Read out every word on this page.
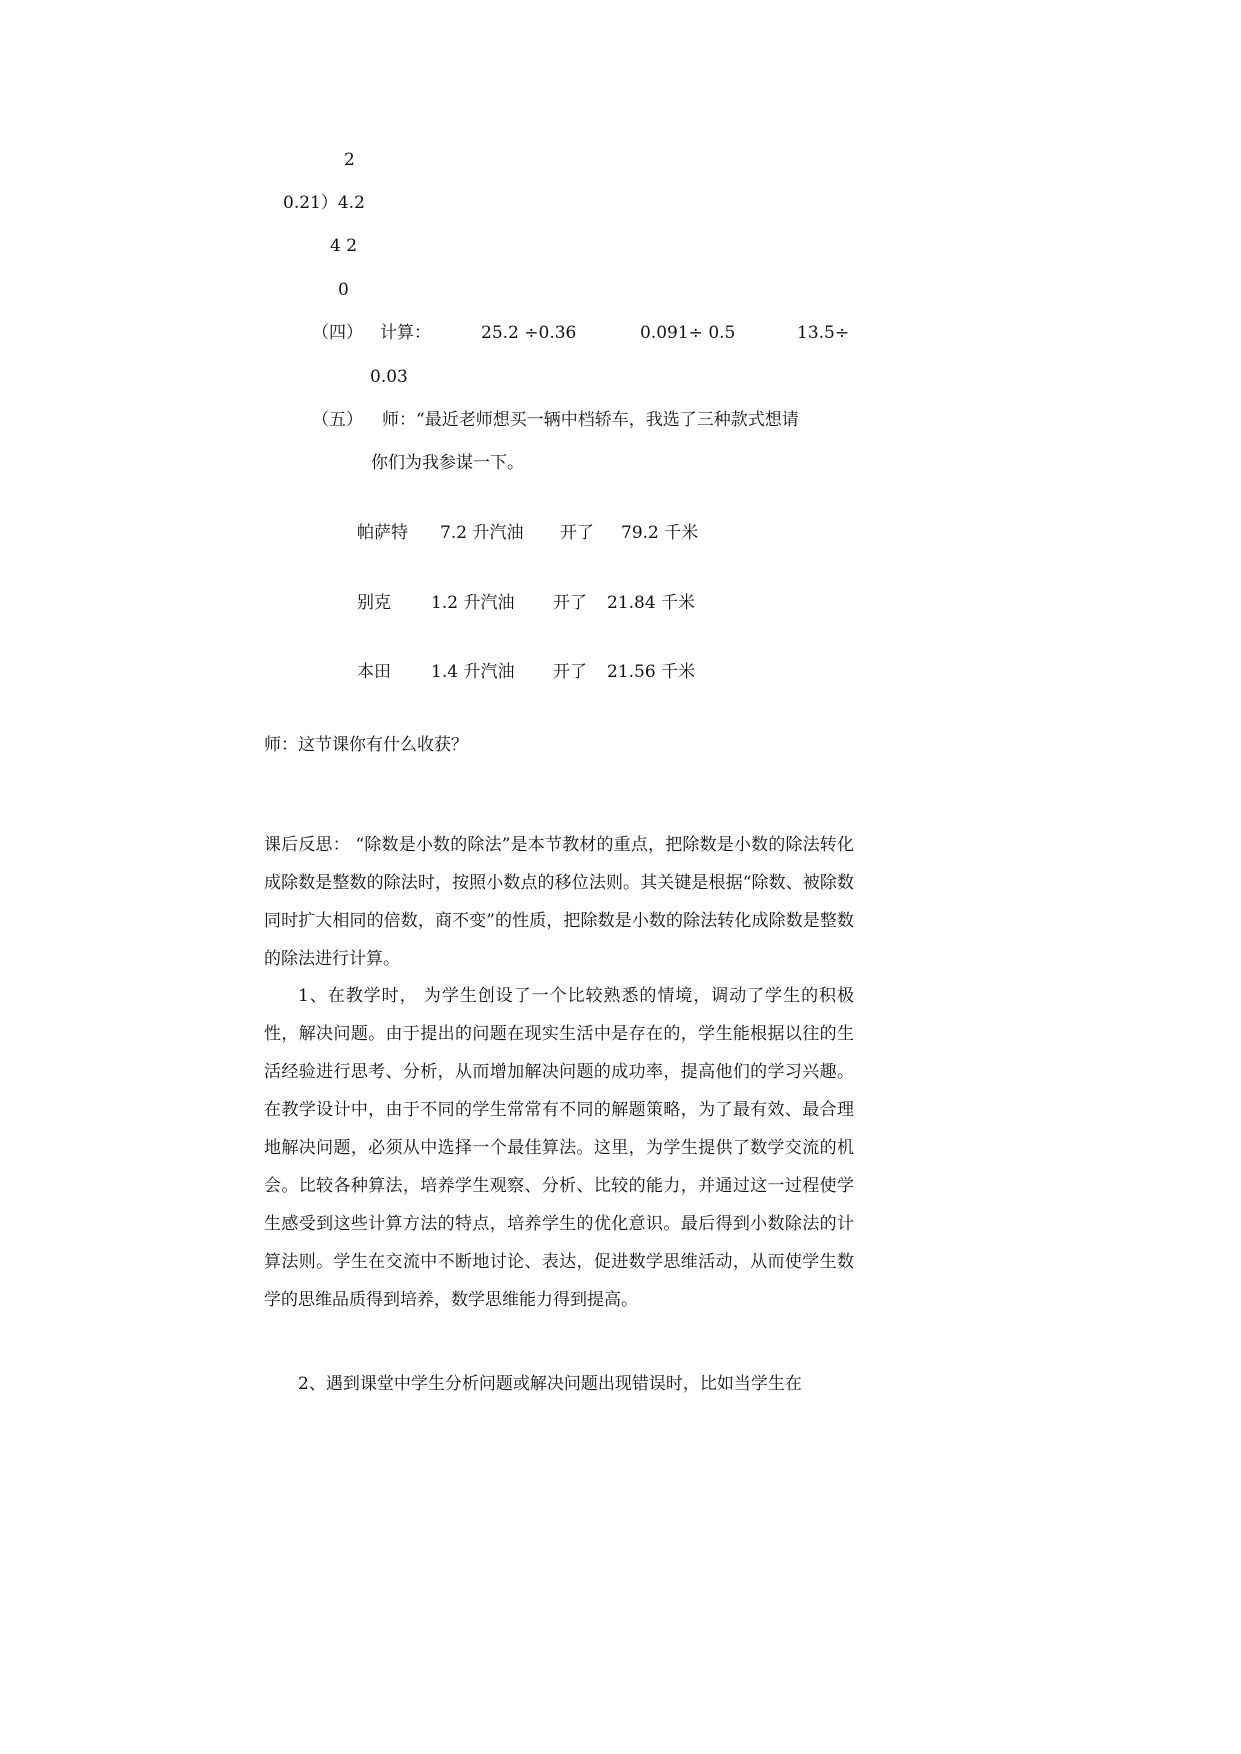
2
0.21）4.2
4 2
0
（四） 计算：	25.2 ÷0.36	0.091÷ 0.5	13.5÷
0.03
（五） 师：“最近老师想买一辆中档轿车，我选了三种款式想请
你们为我参谋一下。
帕萨特 7.2 升汽油 开了 79.2 千米
别克 1.2 升汽油 开了 21.84 千米
本田 1.4 升汽油 开了 21.56 千米
师：这节课你有什么收获？

课后反思： “除数是小数的除法”是本节教材的重点，把除数是小数的除法转化成除数是整数的除法时，按照小数点的移位法则。其关键是根据“除数、被除数同时扩大相同的倍数，商不变”的性质，把除数是小数的除法转化成除数是整数的除法进行计算。

1、在教学时， 为学生创设了一个比较熟悉的情境，调动了学生的积极性，解决问题。由于提出的问题在现实生活中是存在的，学生能根据以往的生活经验进行思考、分析，从而增加解决问题的成功率，提高他们的学习兴趣。在教学设计中，由于不同的学生常常有不同的解题策略，为了最有效、最合理地解决问题，必须从中选择一个最佳算法。这里，为学生提供了数学交流的机会。比较各种算法，培养学生观察、分析、比较的能力，并通过这一过程使学生感受到这些计算方法的特点，培养学生的优化意识。最后得到小数除法的计算法则。学生在交流中不断地讨论、表达，促进数学思维活动，从而使学生数学的思维品质得到培养，数学思维能力得到提高。

2、遇到课堂中学生分析问题或解决问题出现错误时，比如当学生在
